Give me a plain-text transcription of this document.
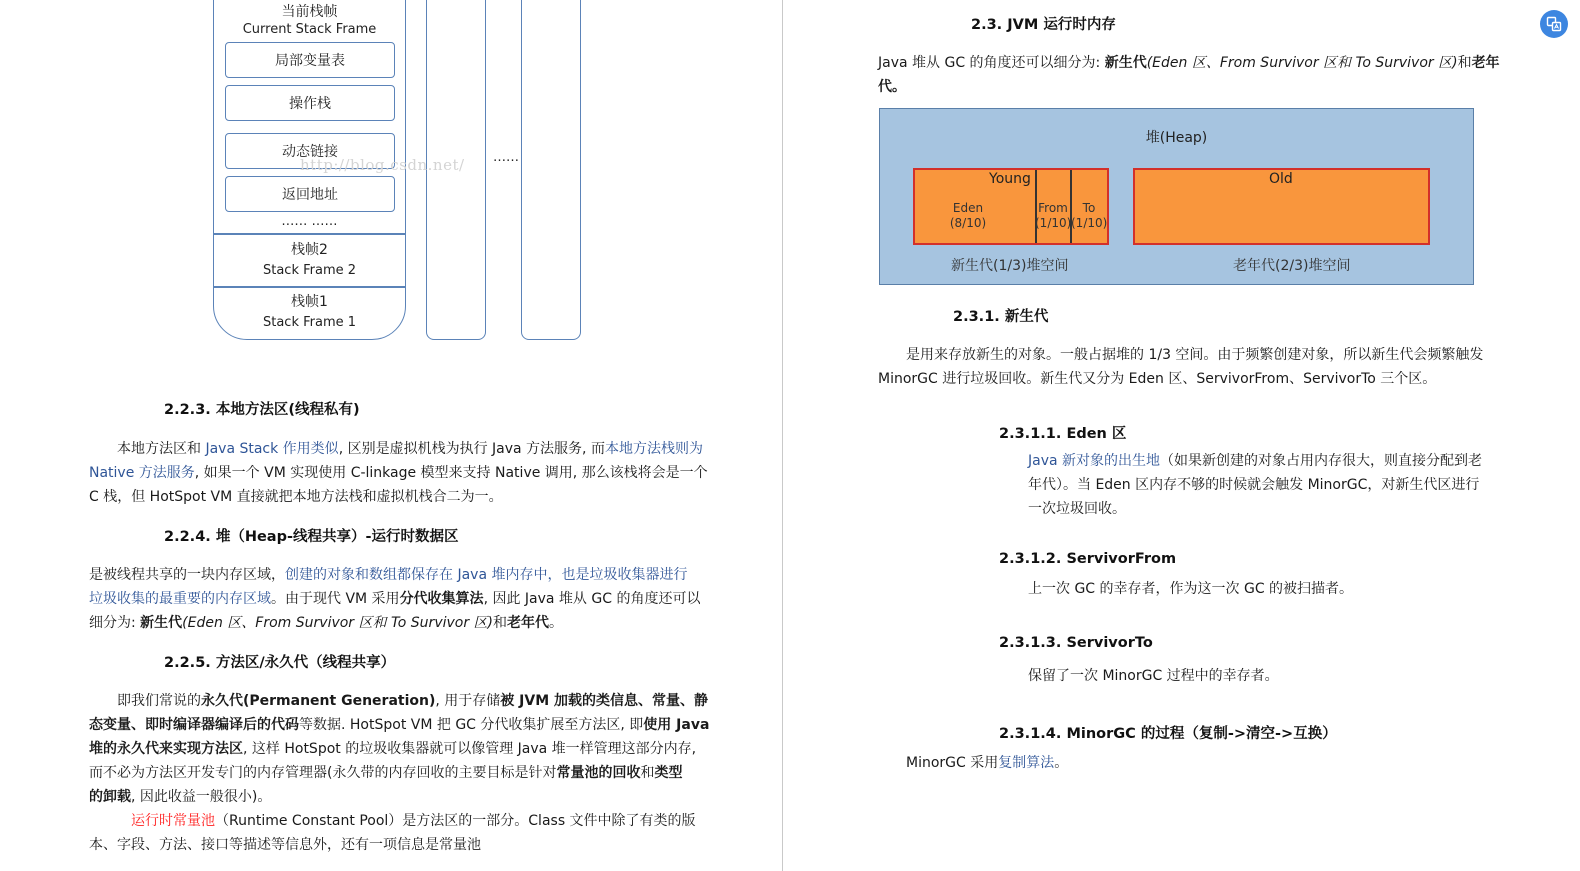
当前栈帧
Current Stack Frame
局部变量表
操作栈
动态链接
返回地址
…… ……
栈帧2
Stack Frame 2
栈帧1
Stack Frame 1
……
http://blog.csdn.net/
2.2.3. 本地方法区(线程私有)
本地方法区和 Java Stack 作用类似, 区别是虚拟机栈为执行 Java 方法服务, 而本地方法栈则为
Native 方法服务, 如果一个 VM 实现使用 C-linkage 模型来支持 Native 调用, 那么该栈将会是一个
C 栈，但 HotSpot VM 直接就把本地方法栈和虚拟机栈合二为一。
2.2.4. 堆（Heap-线程共享）-运行时数据区
是被线程共享的一块内存区域，创建的对象和数组都保存在 Java 堆内存中，也是垃圾收集器进行
垃圾收集的最重要的内存区域。由于现代 VM 采用分代收集算法, 因此 Java 堆从 GC 的角度还可以
细分为: 新生代(Eden 区、From Survivor 区和 To Survivor 区)和老年代。
2.2.5. 方法区/永久代（线程共享）
即我们常说的永久代(Permanent Generation), 用于存储被 JVM 加载的类信息、常量、静
态变量、即时编译器编译后的代码等数据. HotSpot VM 把 GC 分代收集扩展至方法区, 即使用 Java
堆的永久代来实现方法区, 这样 HotSpot 的垃圾收集器就可以像管理 Java 堆一样管理这部分内存,
而不必为方法区开发专门的内存管理器(永久带的内存回收的主要目标是针对常量池的回收和类型
的卸载, 因此收益一般很小)。
运行时常量池（Runtime Constant Pool）是方法区的一部分。Class 文件中除了有类的版
本、字段、方法、接口等描述等信息外，还有一项信息是常量池
2.3. JVM 运行时内存
Java 堆从 GC 的角度还可以细分为: 新生代(Eden 区、From Survivor 区和 To Survivor 区)和老年
代。
堆(Heap)
Young
Eden
(8/10)
From
(1/10)
To
(1/10)
Old
新生代(1/3)堆空间	老年代(2/3)堆空间
2.3.1. 新生代
是用来存放新生的对象。一般占据堆的 1/3 空间。由于频繁创建对象，所以新生代会频繁触发
MinorGC 进行垃圾回收。新生代又分为 Eden 区、ServivorFrom、ServivorTo 三个区。
2.3.1.1. Eden 区
Java 新对象的出生地（如果新创建的对象占用内存很大，则直接分配到老
年代）。当 Eden 区内存不够的时候就会触发 MinorGC，对新生代区进行
一次垃圾回收。
2.3.1.2. ServivorFrom
上一次 GC 的幸存者，作为这一次 GC 的被扫描者。
2.3.1.3. ServivorTo
保留了一次 MinorGC 过程中的幸存者。
2.3.1.4. MinorGC 的过程（复制->清空->互换）
MinorGC 采用复制算法。
